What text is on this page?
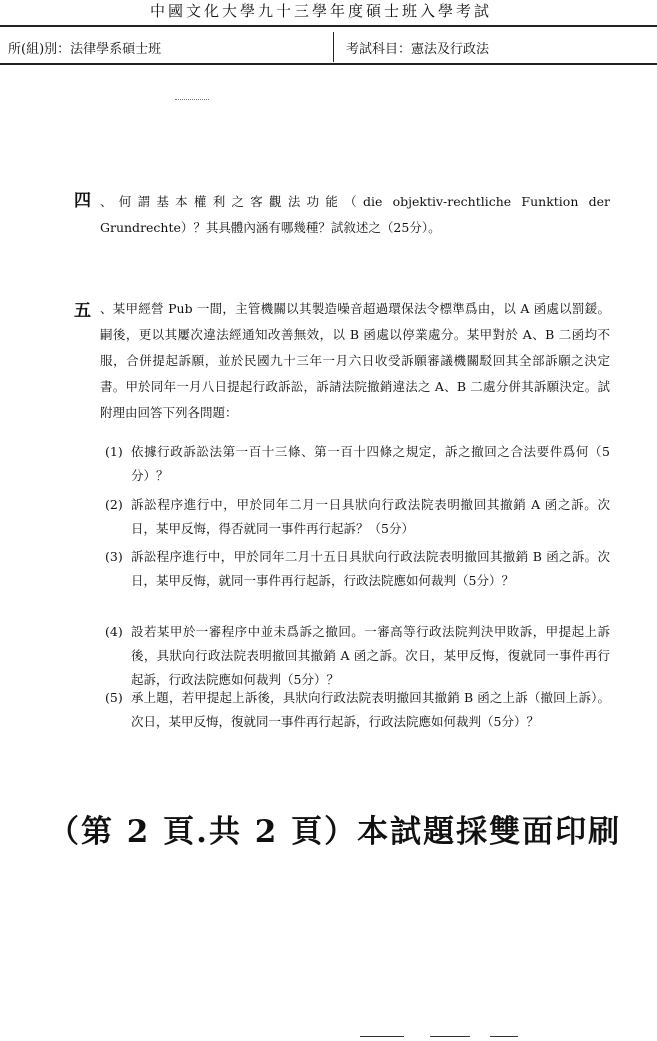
中國文化大學九十三學年度碩士班入學考試
所(組)別：法律學系碩士班	考試科目：憲法及行政法
四 、何謂基本權利之客觀法功能（die objektiv-rechtliche Funktion der Grundrechte）？其具體內涵有哪幾種？試敘述之（25分）。
五 、某甲經營 Pub 一間，主管機關以其製造噪音超過環保法令標準爲由，以 A 函處以罰鍰。嗣後，更以其屢次違法經通知改善無效，以 B 函處以停業處分。某甲對於 A、B 二函均不服，合併提起訴願，並於民國九十三年一月六日收受訴願審議機關駁回其全部訴願之決定書。甲於同年一月八日提起行政訴訟，訴請法院撤銷違法之 A、B 二處分併其訴願決定。試附理由回答下列各問題：
(1) 依據行政訴訟法第一百十三條、第一百十四條之規定，訴之撤回之合法要件爲何（5分）？
(2) 訴訟程序進行中，甲於同年二月一日具狀向行政法院表明撤回其撤銷 A 函之訴。次日，某甲反悔，得否就同一事件再行起訴？（5分）
(3) 訴訟程序進行中，甲於同年二月十五日具狀向行政法院表明撤回其撤銷 B 函之訴。次日，某甲反悔，就同一事件再行起訴，行政法院應如何裁判（5分）？
(4) 設若某甲於一審程序中並未爲訴之撤回。一審高等行政法院判決甲敗訴，甲提起上訴後，具狀向行政法院表明撤回其撤銷 A 函之訴。次日，某甲反悔，復就同一事件再行起訴，行政法院應如何裁判（5分）？
(5) 承上題，若甲提起上訴後，具狀向行政法院表明撤回其撤銷 B 函之上訴（撤回上訴）。次日，某甲反悔，復就同一事件再行起訴，行政法院應如何裁判（5分）？
（第 2 頁.共 2 頁）本試題採雙面印刷
